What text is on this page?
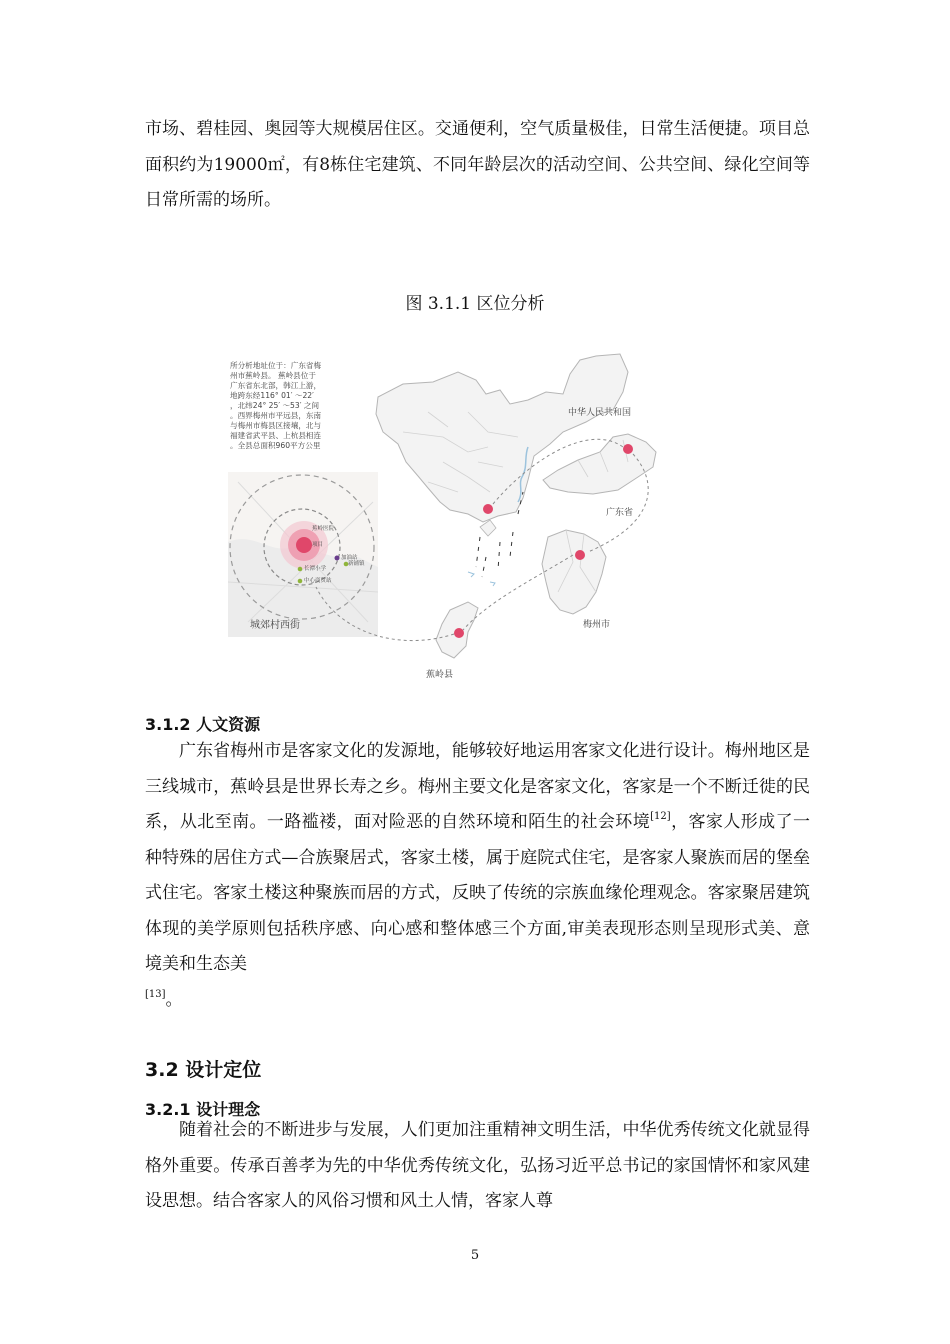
市场、碧桂园、奥园等大规模居住区。交通便利，空气质量极佳，日常生活便捷。项目总面积约为19000㎡，有8栋住宅建筑、不同年龄层次的活动空间、公共空间、绿化空间等日常所需的场所。

图 3.1.1 区位分析
所分析地址位于：广东省梅
州市蕉岭县。 蕉岭县位于
广东省东北部，韩江上游，
地跨东经116° 01′ ～22′
，北纬24° 25′ ～53′ 之间
。西界梅州市平远县，东南
与梅州市梅县区接壤，北与
福建省武平县、上杭县相连
。全县总面积960平方公里
蕉岭医院
项目
加油站
新铺镇
长潭小学
中心商贸站
城郊村西街
中华人民共和国
广东省
梅州市
蕉岭县
3.1.2 人文资源

广东省梅州市是客家文化的发源地，能够较好地运用客家文化进行设计。梅州地区是三线城市，蕉岭县是世界长寿之乡。梅州主要文化是客家文化，客家是一个不断迁徙的民系，从北至南。一路褴褛，面对险恶的自然环境和陌生的社会环境[12]，客家人形成了一种特殊的居住方式—合族聚居式，客家土楼，属于庭院式住宅，是客家人聚族而居的堡垒式住宅。客家土楼这种聚族而居的方式，反映了传统的宗族血缘伦理观念。客家聚居建筑体现的美学原则包括秩序感、向心感和整体感三个方面,审美表现形态则呈现形式美、意境美和生态美
[13]。

3.2 设计定位
3.2.1 设计理念

随着社会的不断进步与发展，人们更加注重精神文明生活，中华优秀传统文化就显得格外重要。传承百善孝为先的中华优秀传统文化，弘扬习近平总书记的家国情怀和家风建设思想。结合客家人的风俗习惯和风土人情，客家人尊

5
